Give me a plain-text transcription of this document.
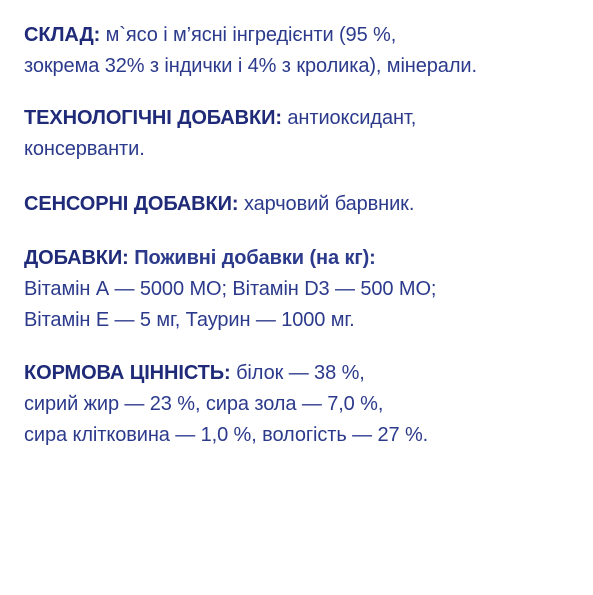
СКЛАД: м`ясо і м’ясні інгредієнти (95 %,
зокрема 32% з індички і 4% з кролика), мінерали.
ТЕХНОЛОГІЧНІ ДОБАВКИ: антиоксидант,
консерванти.
СЕНСОРНІ ДОБАВКИ: харчовий барвник.
ДОБАВКИ: Поживні добавки (на кг):
Вітамін А — 5000 МО; Вітамін D3 — 500 МО;
Вітамін Е — 5 мг, Таурин — 1000 мг.
КОРМОВА ЦІННІСТЬ: білок — 38 %,
сирий жир — 23 %, сира зола — 7,0 %,
сира клітковина — 1,0 %, вологість — 27 %.
